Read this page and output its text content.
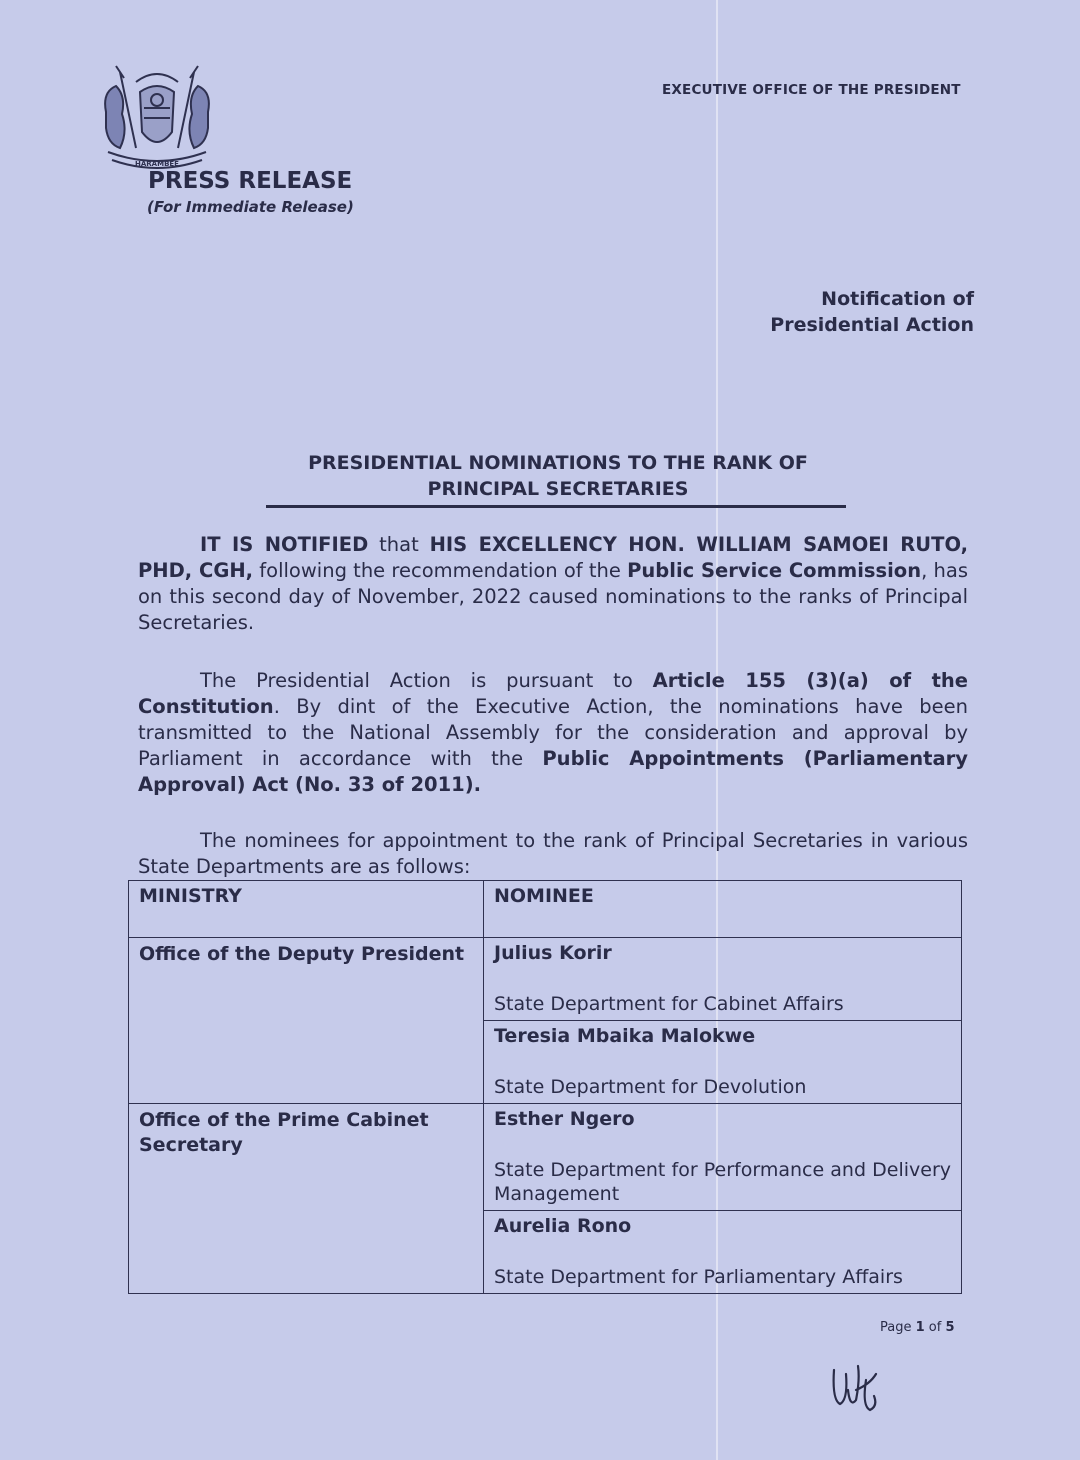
HARAMBEE
EXECUTIVE OFFICE OF THE PRESIDENT
PRESS RELEASE
(For Immediate Release)
Notification of
Presidential Action
PRESIDENTIAL NOMINATIONS TO THE RANK OF
PRINCIPAL SECRETARIES
IT IS NOTIFIED that HIS EXCELLENCY HON. WILLIAM SAMOEI RUTO, PHD, CGH, following the recommendation of the Public Service Commission, has on this second day of November, 2022 caused nominations to the ranks of Principal Secretaries.
The Presidential Action is pursuant to Article 155 (3)(a) of the Constitution. By dint of the Executive Action, the nominations have been transmitted to the National Assembly for the consideration and approval by Parliament in accordance with the Public Appointments (Parliamentary Approval) Act (No. 33 of 2011).
The nominees for appointment to the rank of Principal Secretaries in various State Departments are as follows:
MINISTRY	NOMINEE
Office of the Deputy President	Julius Korir
State Department for Cabinet Affairs

	Teresia Mbaika Malokwe
State Department for Devolution

Office of the Prime Cabinet Secretary	Esther Ngero
State Department for Performance and Delivery Management

	Aurelia Rono
State Department for Parliamentary Affairs
Page 1 of 5
